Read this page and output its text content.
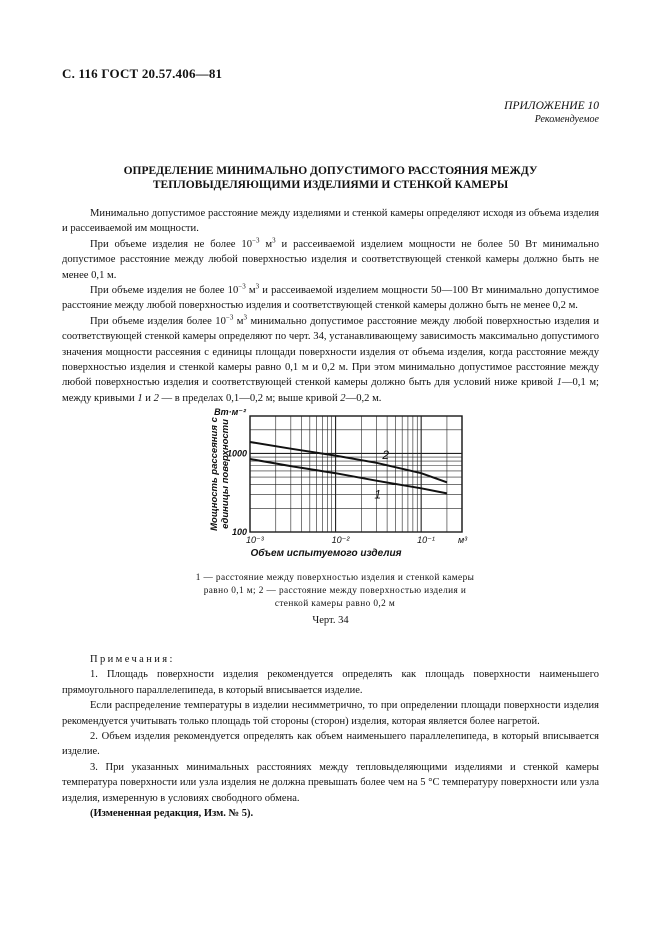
С. 116 ГОСТ 20.57.406—81
ПРИЛОЖЕНИЕ 10
Рекомендуемое
ОПРЕДЕЛЕНИЕ МИНИМАЛЬНО ДОПУСТИМОГО РАССТОЯНИЯ МЕЖДУ
ТЕПЛОВЫДЕЛЯЮЩИМИ ИЗДЕЛИЯМИ И СТЕНКОЙ КАМЕРЫ

Минимально допустимое расстояние между изделиями и стенкой камеры определяют исходя из объема изделия и рассеиваемой им мощности.

При объеме изделия не более $10^{-3}$ $м^3$ и рассеиваемой изделием мощности не более 50 Вт минимально допустимое расстояние между любой поверхностью изделия и соответствующей стенкой камеры должно быть не менее 0,1 м.

При объеме изделия не более $10^{-3}$ $м^3$ и рассеиваемой изделием мощности 50—100 Вт минимально допустимое расстояние между любой поверхностью изделия и соответствующей стенкой камеры должно быть не менее 0,2 м.

При объеме изделия более $10^{-3}$ $м^3$ минимально допустимое расстояние между любой поверхностью изделия и соответствующей стенкой камеры определяют по черт. 34, устанавливающему зависимость максимально допустимого значения мощности рассеяния с единицы площади поверхности изделия от объема изделия, когда расстояние между поверхностью изделия и стенкой камеры равно 0,1 м и 0,2 м. При этом минимально допустимое расстояние между любой поверхностью изделия и соответствующей стенкой камеры должно быть для условий ниже кривой 1—0,1 м; между кривыми 1 и 2 — в пределах 0,1—0,2 м; выше кривой 2—0,2 м.

1
2
10⁻³	10⁻²	10⁻¹	м³
Объем испытуемого изделия
100
1000
Вт·м⁻²
Мощность рассеяния с единицы поверхности
1 — расстояние между поверхностью изделия и стенкой камеры
равно 0,1 м; 2 — расстояние между поверхностью изделия и
стенкой камеры равно 0,2 м
Черт. 34

Примечания:

1. Площадь поверхности изделия рекомендуется определять как площадь поверхности наименьшего прямоугольного параллелепипеда, в который вписывается изделие.

Если распределение температуры в изделии несимметрично, то при определении площади поверхности изделия рекомендуется учитывать только площадь той стороны (сторон) изделия, которая является более нагретой.

2. Объем изделия рекомендуется определять как объем наименьшего параллелепипеда, в который вписывается изделие.

3. При указанных минимальных расстояниях между тепловыделяющими изделиями и стенкой камеры температура поверхности или узла изделия не должна превышать более чем на 5 °С температуру поверхности или узла изделия, измеренную в условиях свободного обмена.

(Измененная редакция, Изм. № 5).
